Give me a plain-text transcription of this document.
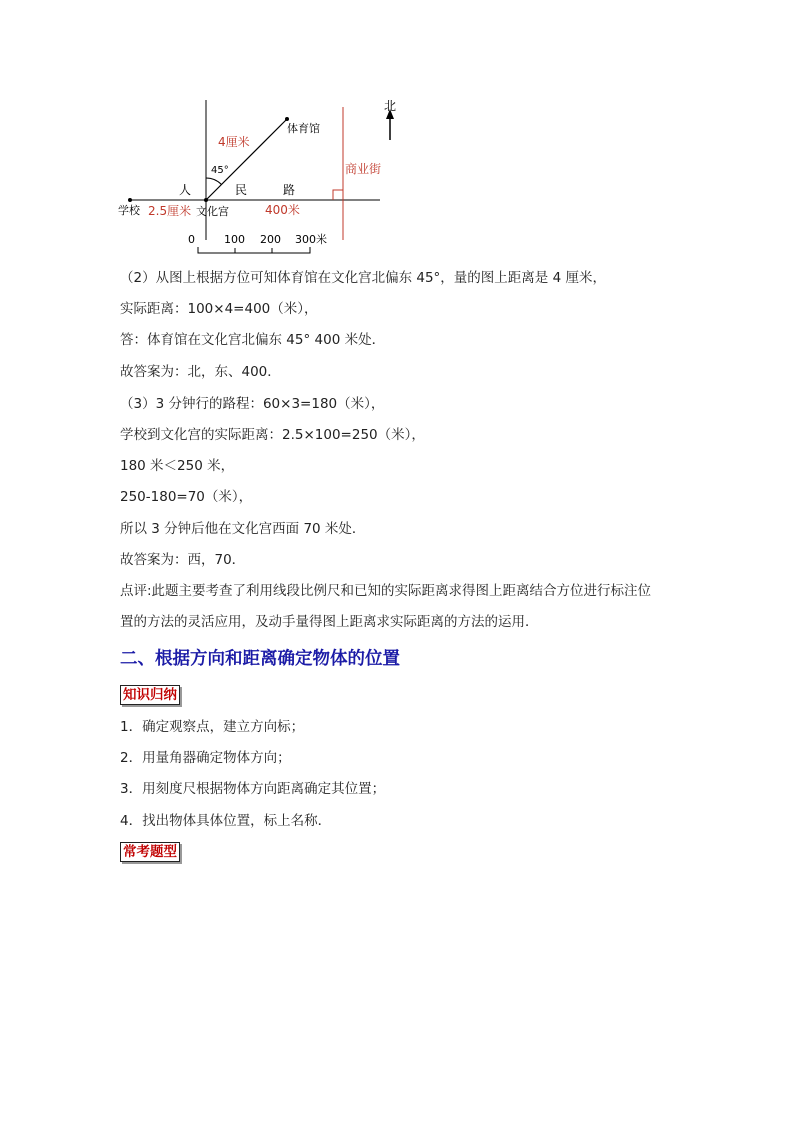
北
体育馆
4厘米
45°	商业街
人	民	路
学校 2.5厘米 文化宫	400米
0	100 200 300米
（2）从图上根据方位可知体育馆在文化宫北偏东 45°，量的图上距离是 4 厘米，
实际距离：100×4=400（米），
答：体育馆在文化宫北偏东 45° 400 米处．
故答案为：北，东、400．
（3）3 分钟行的路程：60×3=180（米），
学校到文化宫的实际距离：2.5×100=250（米），
180 米＜250 米，
250-180=70（米），
所以 3 分钟后他在文化宫西面 70 米处．
故答案为：西，70．
点评:此题主要考查了利用线段比例尺和已知的实际距离求得图上距离结合方位进行标注位
置的方法的灵活应用，及动手量得图上距离求实际距离的方法的运用．
二、根据方向和距离确定物体的位置
知识归纳
1．确定观察点，建立方向标；
2．用量角器确定物体方向；
3．用刻度尺根据物体方向距离确定其位置；
4．找出物体具体位置，标上名称．
常考题型
